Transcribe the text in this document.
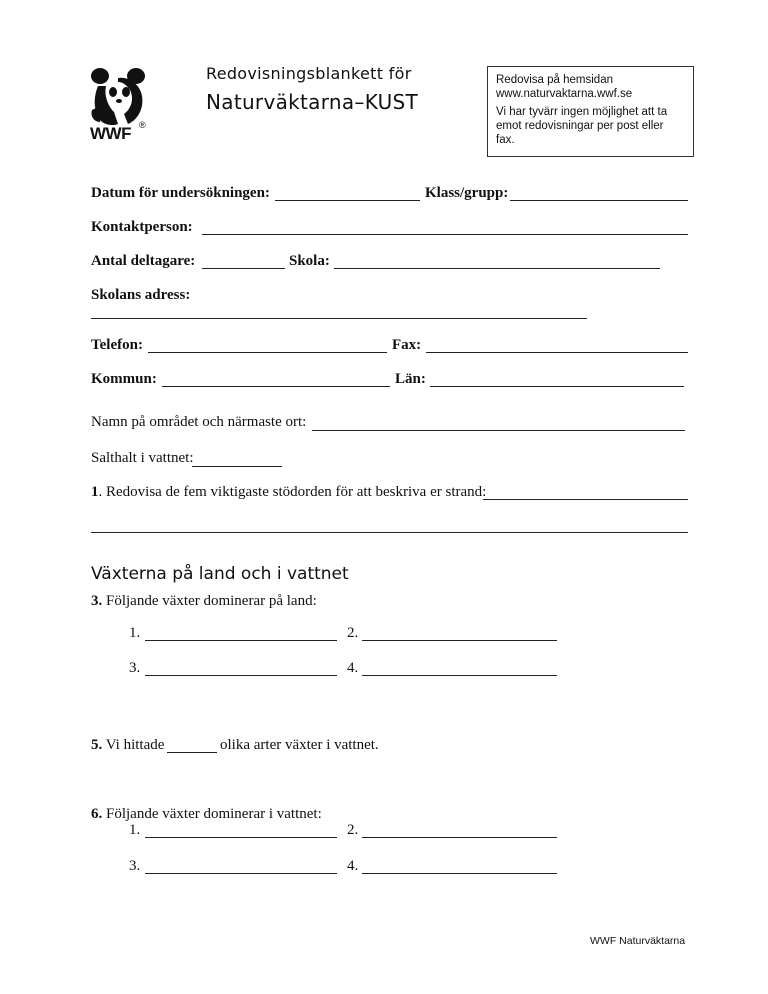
WWF ®
Redovisningsblankett för
Naturväktarna–KUST

Redovisa på hemsidan www.naturvaktarna.wwf.se

Vi har tyvärr ingen möjlighet att ta emot redovisningar per post eller fax.

Datum för undersökningen:	Klass/grupp:
Kontaktperson:
Antal deltagare:	Skola:
Skolans adress:
Telefon:	Fax:
Kommun:	Län:
Namn på området och närmaste ort:
Salthalt i vattnet:
1. Redovisa de fem viktigaste stödorden för att beskriva er strand:
Växterna på land och i vattnet
3. Följande växter dominerar på land:
1.	2.
3.	4.
5. Vi hittade	olika arter växter i vattnet.
6. Följande växter dominerar i vattnet:
1.	2.
3.	4.
WWF Naturväktarna
